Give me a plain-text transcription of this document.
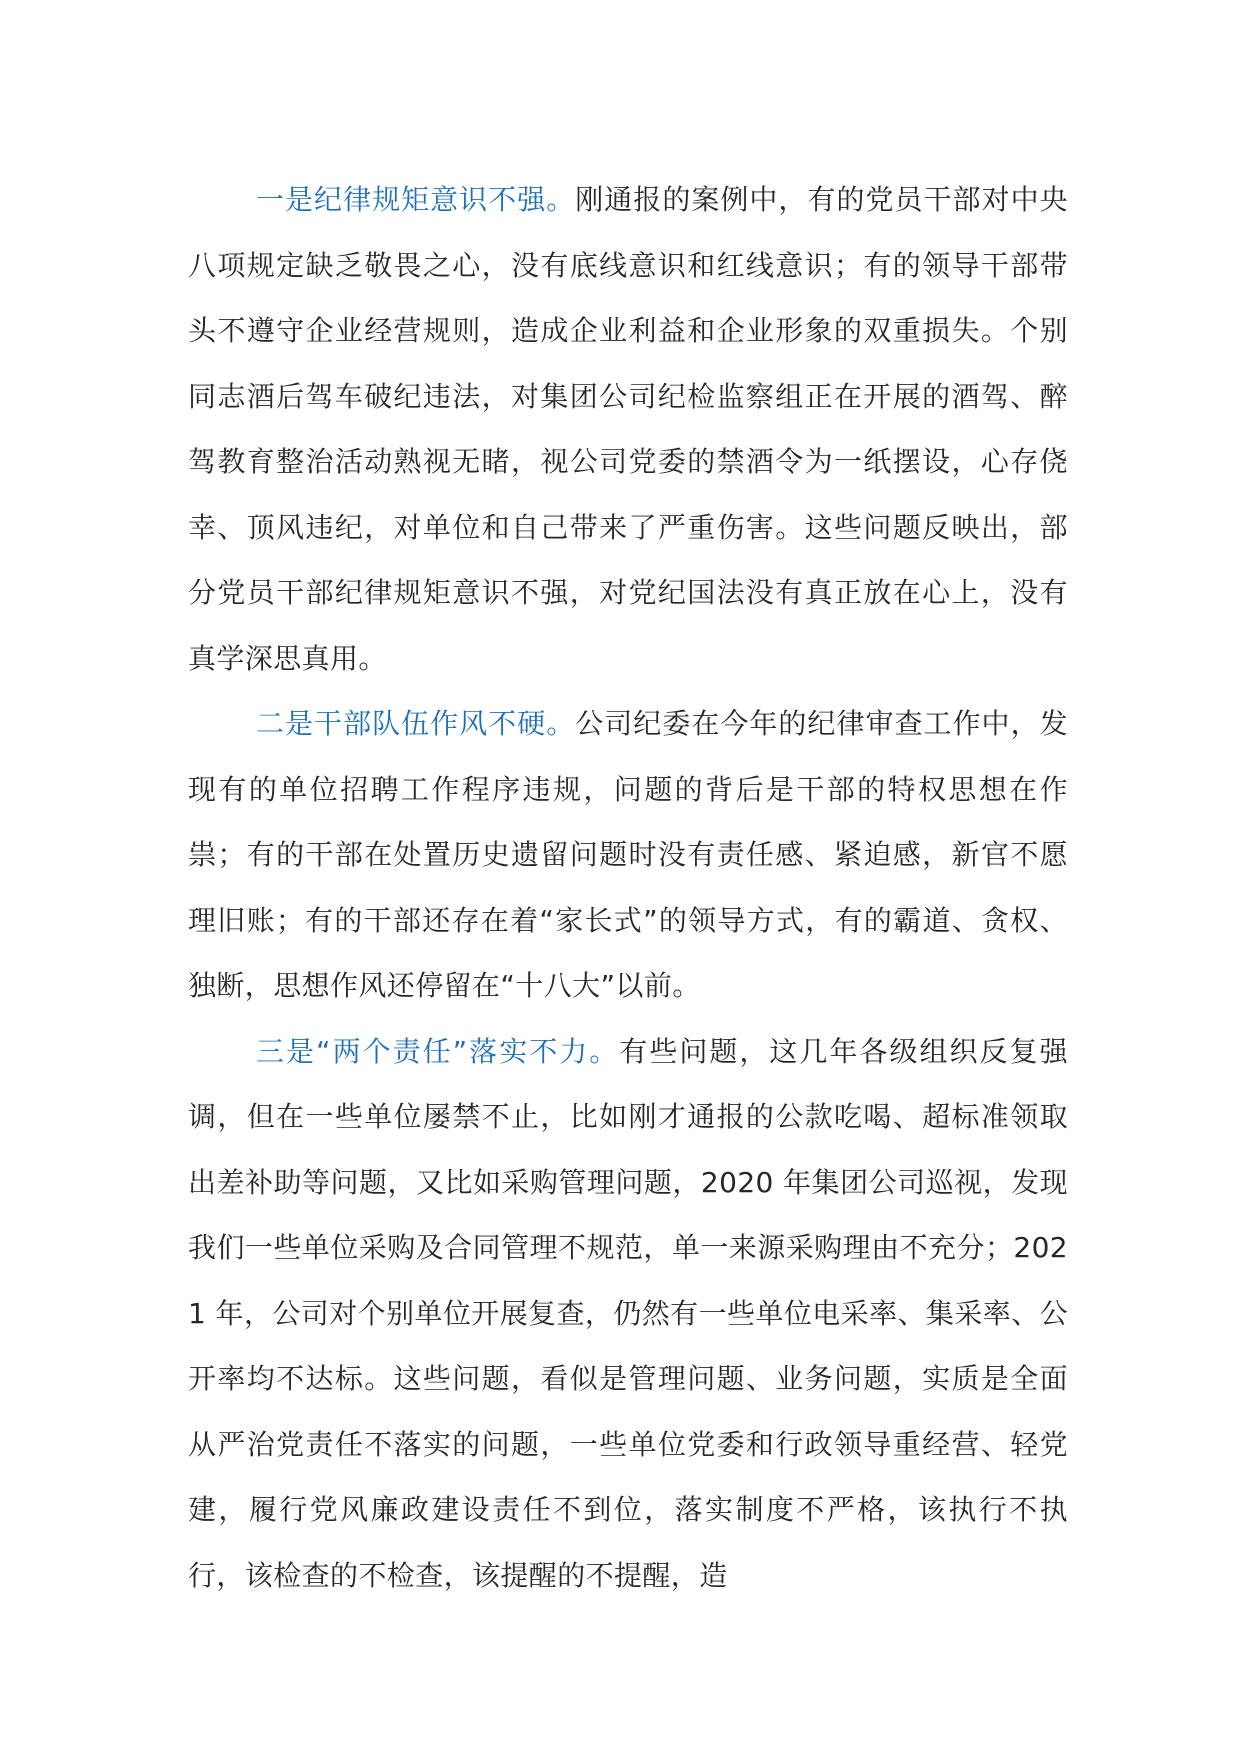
一是纪律规矩意识不强。刚通报的案例中，有的党员干部对中央八项规定缺乏敬畏之心，没有底线意识和红线意识；有的领导干部带头不遵守企业经营规则，造成企业利益和企业形象的双重损失。个别同志酒后驾车破纪违法，对集团公司纪检监察组正在开展的酒驾、醉驾教育整治活动熟视无睹，视公司党委的禁酒令为一纸摆设，心存侥幸、顶风违纪，对单位和自己带来了严重伤害。这些问题反映出，部分党员干部纪律规矩意识不强，对党纪国法没有真正放在心上，没有真学深思真用。

二是干部队伍作风不硬。公司纪委在今年的纪律审查工作中，发现有的单位招聘工作程序违规，问题的背后是干部的特权思想在作祟；有的干部在处置历史遗留问题时没有责任感、紧迫感，新官不愿理旧账；有的干部还存在着“家长式”的领导方式，有的霸道、贪权、独断，思想作风还停留在“十八大”以前。

三是“两个责任”落实不力。有些问题，这几年各级组织反复强调，但在一些单位屡禁不止，比如刚才通报的公款吃喝、超标准领取出差补助等问题，又比如采购管理问题，2020 年集团公司巡视，发现我们一些单位采购及合同管理不规范，单一来源采购理由不充分；2021 年，公司对个别单位开展复查，仍然有一些单位电采率、集采率、公开率均不达标。这些问题，看似是管理问题、业务问题，实质是全面从严治党责任不落实的问题，一些单位党委和行政领导重经营、轻党建，履行党风廉政建设责任不到位，落实制度不严格，该执行不执行，该检查的不检查，该提醒的不提醒，造
